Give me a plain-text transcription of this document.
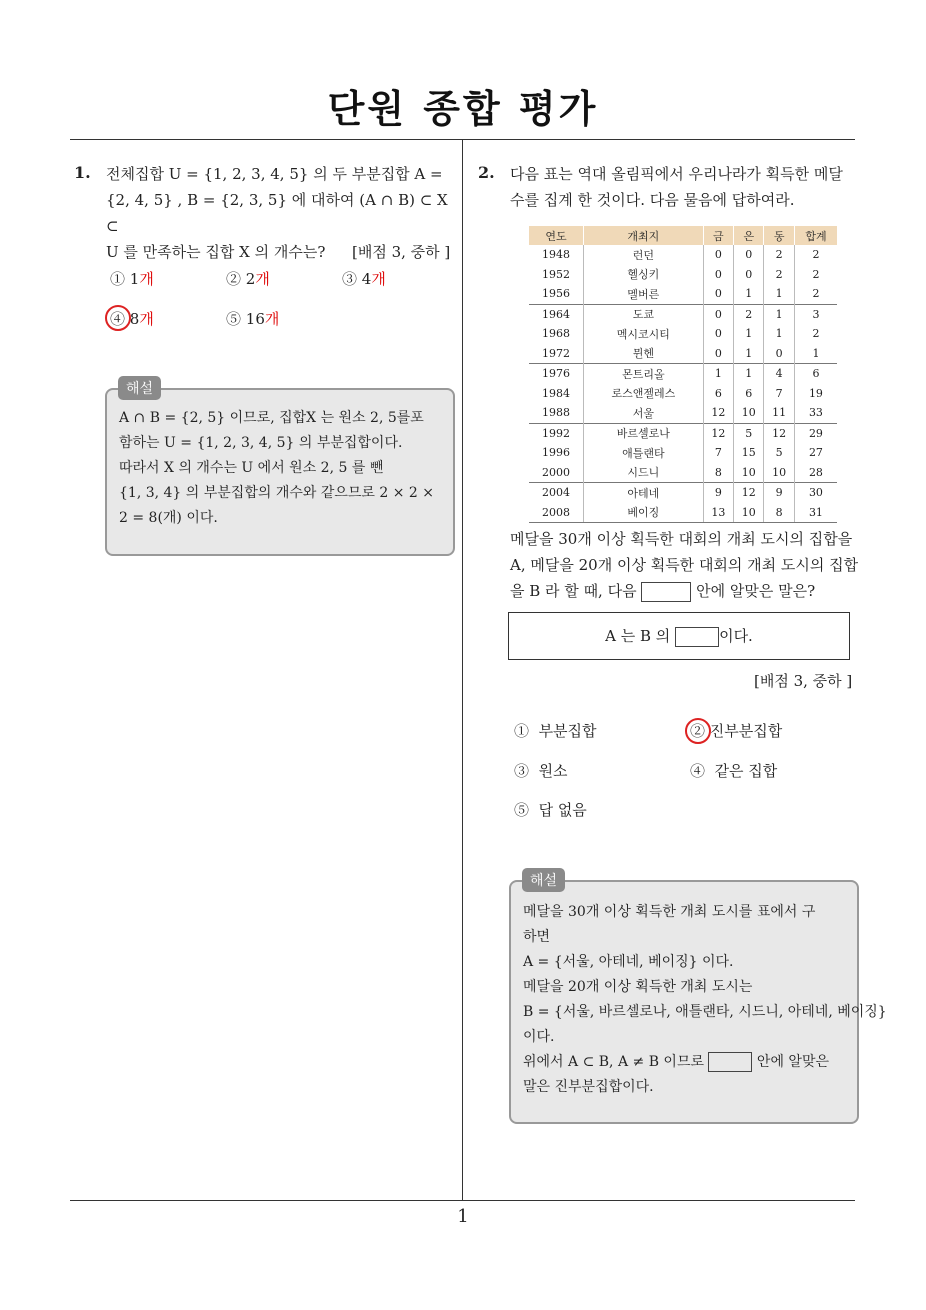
단원 종합 평가
1
1. 전체집합 U = {1, 2, 3, 4, 5} 의 두 부분집합 A =
{2, 4, 5} , B = {2, 3, 5} 에 대하여 (A ∩ B) ⊂ X ⊂
U 를 만족하는 집합 X 의 개수는? [배점 3, 중하 ]
① 1개	② 2개	③ 4개
④ 8개	⑤ 16개
A ∩ B = {2, 5} 이므로, 집합X 는 원소 2, 5를포
함하는 U = {1, 2, 3, 4, 5} 의 부분집합이다.
따라서 X 의 개수는 U 에서 원소 2, 5 를 뺀
{1, 3, 4} 의 부분집합의 개수와 같으므로 2 × 2 ×
2 = 8(개) 이다.
해설
2. 다음 표는 역대 올림픽에서 우리나라가 획득한 메달
수를 집계 한 것이다. 다음 물음에 답하여라.
연도	개최지	금	은	동	합계
1948	런던	0	0	2	2
1952	헬싱키	0	0	2	2
1956	멜버른	0	1	1	2
1964	도쿄	0	2	1	3
1968	멕시코시티	0	1	1	2
1972	뮌헨	0	1	0	1
1976	몬트리올	1	1	4	6
1984	로스앤젤레스	6	6	7	19
1988	서울	12	10	11	33
1992	바르셀로나	12	5	12	29
1996	애틀랜타	7	15	5	27
2000	시드니	8	10	10	28
2004	아테네	9	12	9	30
2008	베이징	13	10	8	31
메달을 30개 이상 획득한 대회의 개최 도시의 집합을
A, 메달을 20개 이상 획득한 대회의 개최 도시의 집합
을 B 라 할 때, 다음	안에 알맞은 말은?
A 는 B 의	이다.
[배점 3, 중하 ]
① 부분집합	② 진부분집합
③ 원소	④ 같은 집합
⑤ 답 없음
메달을 30개 이상 획득한 개최 도시를 표에서 구
하면
A = {서울, 아테네, 베이징} 이다.
메달을 20개 이상 획득한 개최 도시는
B = {서울, 바르셀로나, 애틀랜타, 시드니, 아테네, 베이징}
이다.
위에서 A ⊂ B, A ≠ B 이므로	안에 알맞은
말은 진부분집합이다.
해설
